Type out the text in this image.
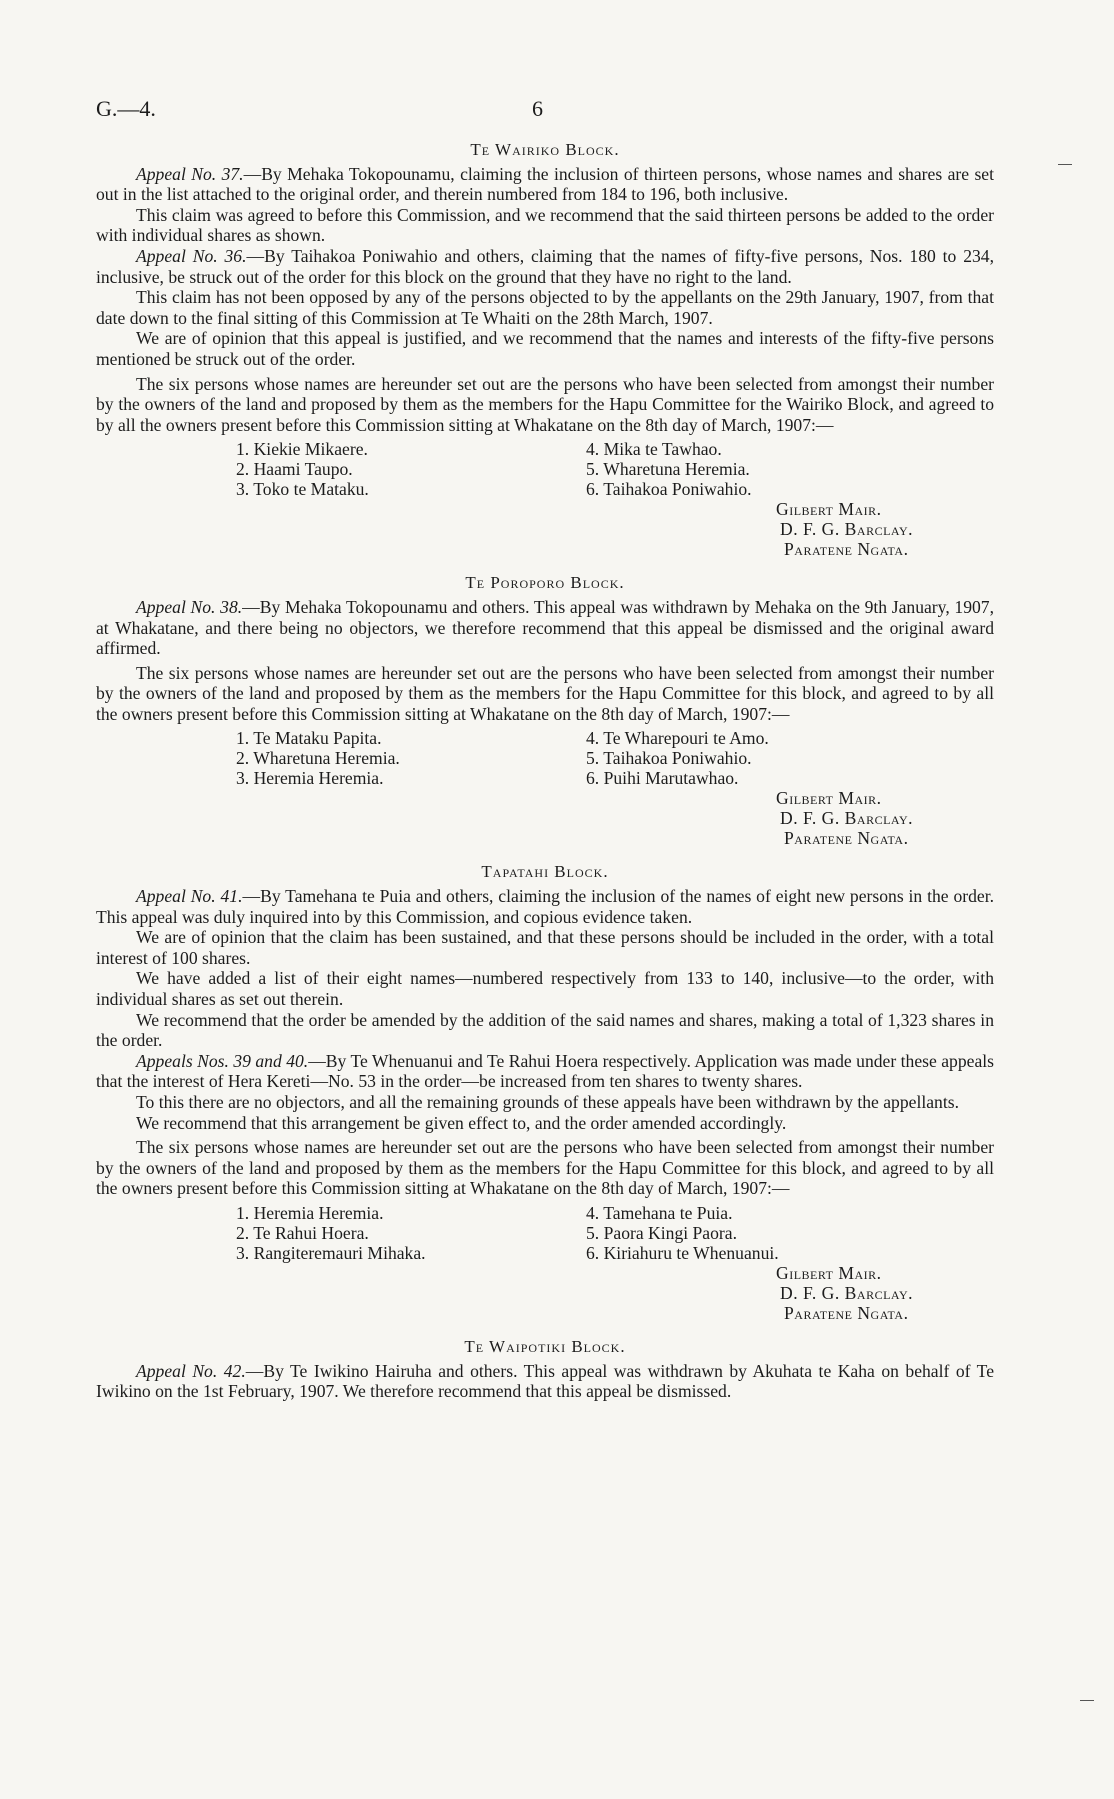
G.—4.	6
Te Wairiko Block.

Appeal No. 37.—By Mehaka Tokopounamu, claiming the inclusion of thirteen persons, whose names and shares are set out in the list attached to the original order, and therein numbered from 184 to 196, both inclusive.

This claim was agreed to before this Commission, and we recommend that the said thirteen persons be added to the order with individual shares as shown.

Appeal No. 36.—By Taihakoa Poniwahio and others, claiming that the names of fifty-five persons, Nos. 180 to 234, inclusive, be struck out of the order for this block on the ground that they have no right to the land.

This claim has not been opposed by any of the persons objected to by the appellants on the 29th January, 1907, from that date down to the final sitting of this Commission at Te Whaiti on the 28th March, 1907.

We are of opinion that this appeal is justified, and we recommend that the names and interests of the fifty-five persons mentioned be struck out of the order.

The six persons whose names are hereunder set out are the persons who have been selected from amongst their number by the owners of the land and proposed by them as the members for the Hapu Committee for the Wairiko Block, and agreed to by all the owners present before this Commission sitting at Whakatane on the 8th day of March, 1907:—

1. Kiekie Mikaere.
2. Haami Taupo.
3. Toko te Mataku.
4. Mika te Tawhao.
5. Wharetuna Heremia.
6. Taihakoa Poniwahio.
Gilbert Mair.
D. F. G. Barclay.
Paratene Ngata.
Te Poroporo Block.

Appeal No. 38.—By Mehaka Tokopounamu and others. This appeal was withdrawn by Mehaka on the 9th January, 1907, at Whakatane, and there being no objectors, we therefore recommend that this appeal be dismissed and the original award affirmed.

The six persons whose names are hereunder set out are the persons who have been selected from amongst their number by the owners of the land and proposed by them as the members for the Hapu Committee for this block, and agreed to by all the owners present before this Commission sitting at Whakatane on the 8th day of March, 1907:—

1. Te Mataku Papita.
2. Wharetuna Heremia.
3. Heremia Heremia.
4. Te Wharepouri te Amo.
5. Taihakoa Poniwahio.
6. Puihi Marutawhao.
Gilbert Mair.
D. F. G. Barclay.
Paratene Ngata.
Tapatahi Block.

Appeal No. 41.—By Tamehana te Puia and others, claiming the inclusion of the names of eight new persons in the order. This appeal was duly inquired into by this Commission, and copious evidence taken.

We are of opinion that the claim has been sustained, and that these persons should be included in the order, with a total interest of 100 shares.

We have added a list of their eight names—numbered respectively from 133 to 140, inclusive—to the order, with individual shares as set out therein.

We recommend that the order be amended by the addition of the said names and shares, making a total of 1,323 shares in the order.

Appeals Nos. 39 and 40.—By Te Whenuanui and Te Rahui Hoera respectively. Application was made under these appeals that the interest of Hera Kereti—No. 53 in the order—be increased from ten shares to twenty shares.

To this there are no objectors, and all the remaining grounds of these appeals have been withdrawn by the appellants.

We recommend that this arrangement be given effect to, and the order amended accordingly.

The six persons whose names are hereunder set out are the persons who have been selected from amongst their number by the owners of the land and proposed by them as the members for the Hapu Committee for this block, and agreed to by all the owners present before this Commission sitting at Whakatane on the 8th day of March, 1907:—

1. Heremia Heremia.
2. Te Rahui Hoera.
3. Rangiteremauri Mihaka.
4. Tamehana te Puia.
5. Paora Kingi Paora.
6. Kiriahuru te Whenuanui.
Gilbert Mair.
D. F. G. Barclay.
Paratene Ngata.
Te Waipotiki Block.

Appeal No. 42.—By Te Iwikino Hairuha and others. This appeal was withdrawn by Akuhata te Kaha on behalf of Te Iwikino on the 1st February, 1907. We therefore recommend that this appeal be dismissed.
